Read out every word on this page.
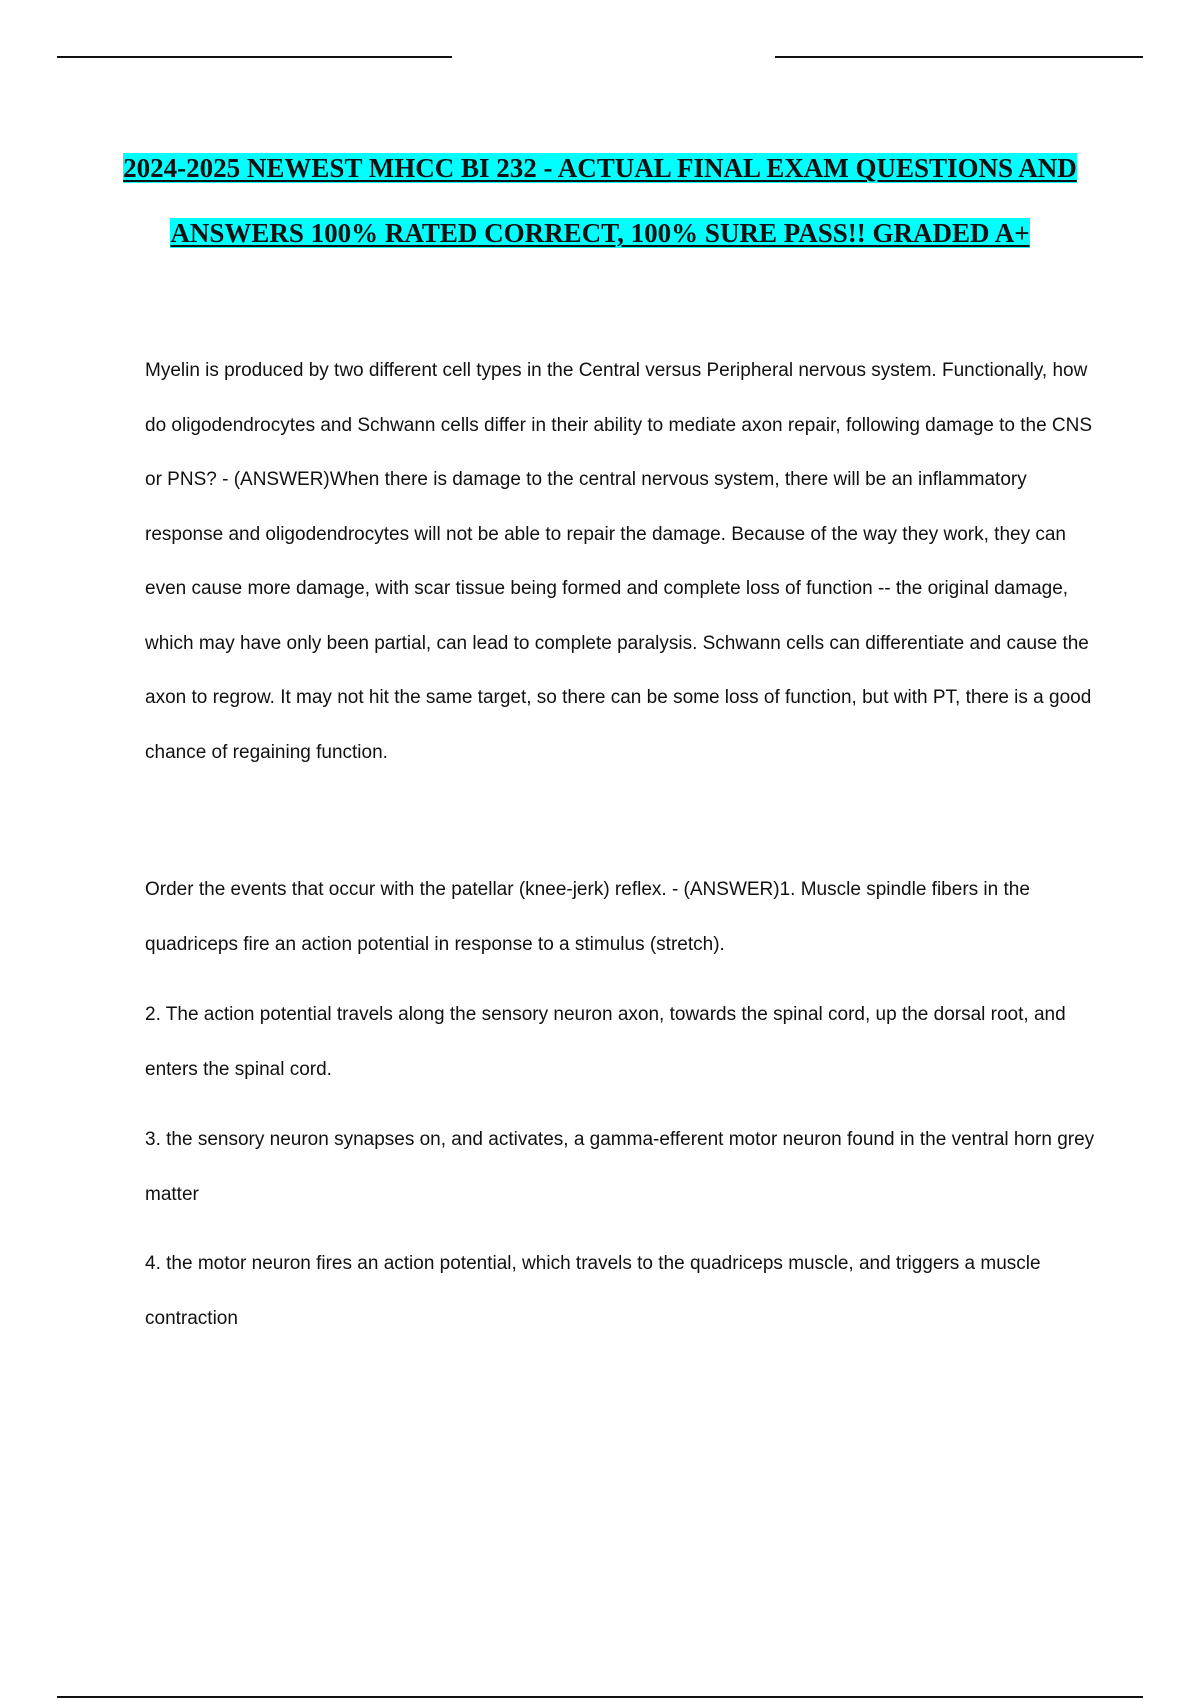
2024-2025 NEWEST MHCC BI 232 - ACTUAL FINAL EXAM QUESTIONS AND ANSWERS 100% RATED CORRECT, 100% SURE PASS!! GRADED A+

Myelin is produced by two different cell types in the Central versus Peripheral nervous system. Functionally, how do oligodendrocytes and Schwann cells differ in their ability to mediate axon repair, following damage to the CNS or PNS? - (ANSWER)When there is damage to the central nervous system, there will be an inflammatory response and oligodendrocytes will not be able to repair the damage. Because of the way they work, they can even cause more damage, with scar tissue being formed and complete loss of function -- the original damage, which may have only been partial, can lead to complete paralysis. Schwann cells can differentiate and cause the axon to regrow. It may not hit the same target, so there can be some loss of function, but with PT, there is a good chance of regaining function.

Order the events that occur with the patellar (knee-jerk) reflex. - (ANSWER)1. Muscle spindle fibers in the quadriceps fire an action potential in response to a stimulus (stretch).

2. The action potential travels along the sensory neuron axon, towards the spinal cord, up the dorsal root, and enters the spinal cord.

3. the sensory neuron synapses on, and activates, a gamma-efferent motor neuron found in the ventral horn grey matter

4. the motor neuron fires an action potential, which travels to the quadriceps muscle, and triggers a muscle contraction
